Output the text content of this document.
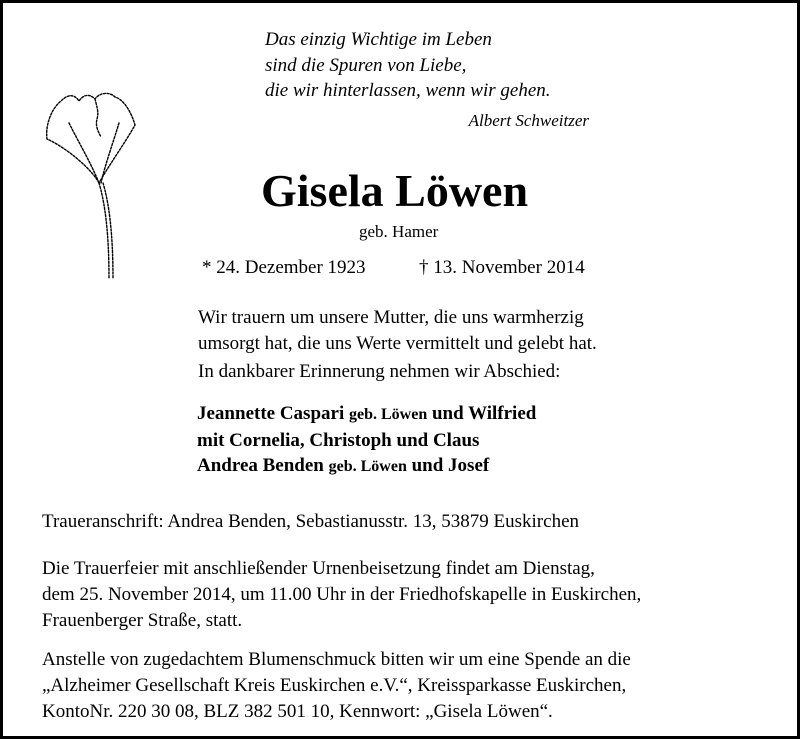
Das einzig Wichtige im Leben
sind die Spuren von Liebe,
die wir hinterlassen, wenn wir gehen.
Albert Schweitzer
Gisela Löwen
geb. Hamer
* 24. Dezember 1923	† 13. November 2014
Wir trauern um unsere Mutter, die uns warmherzig
umsorgt hat, die uns Werte vermittelt und gelebt hat.
In dankbarer Erinnerung nehmen wir Abschied:
Jeannette Caspari geb. Löwen und Wilfried
mit Cornelia, Christoph und Claus
Andrea Benden geb. Löwen und Josef
Traueranschrift: Andrea Benden, Sebastianusstr. 13, 53879 Euskirchen
Die Trauerfeier mit anschließender Urnenbeisetzung findet am Dienstag,
dem 25. November 2014, um 11.00 Uhr in der Friedhofskapelle in Euskirchen,
Frauenberger Straße, statt.
Anstelle von zugedachtem Blumenschmuck bitten wir um eine Spende an die
„Alzheimer Gesellschaft Kreis Euskirchen e.V.“, Kreissparkasse Euskirchen,
KontoNr. 220 30 08, BLZ 382 501 10, Kennwort: „Gisela Löwen“.
